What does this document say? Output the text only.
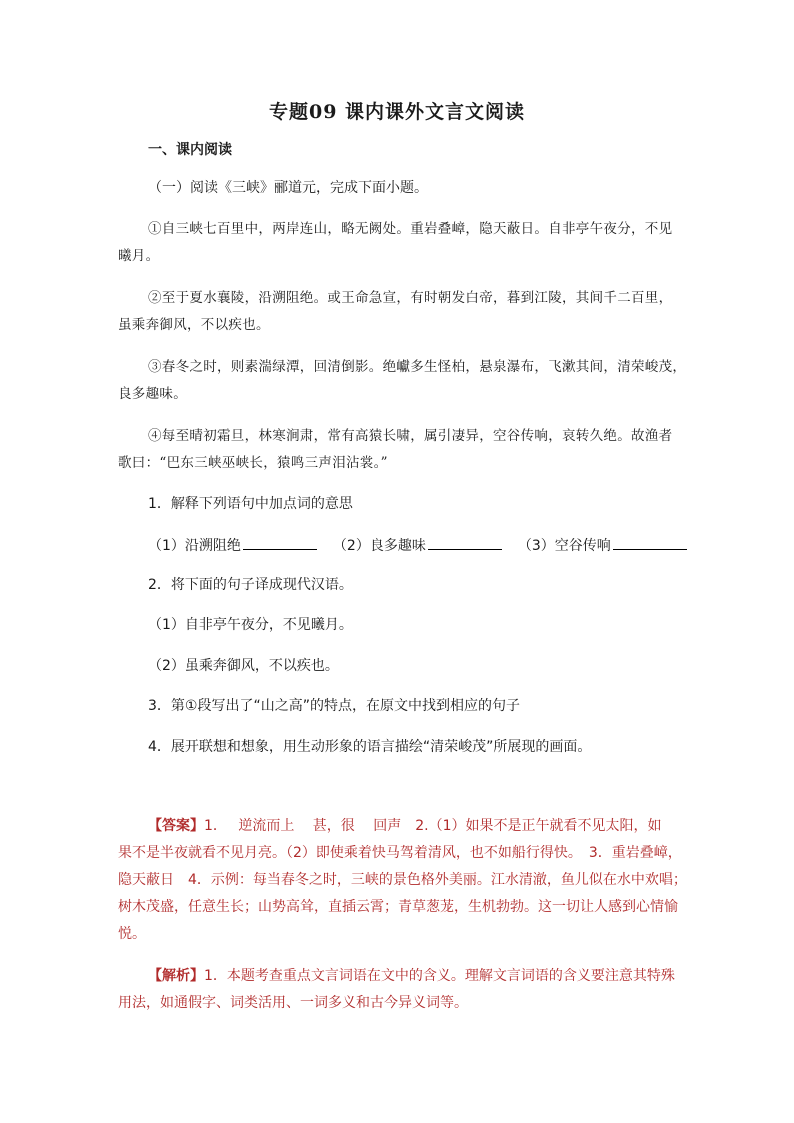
专题09 课内课外文言文阅读
一、课内阅读
（一）阅读《三峡》郦道元，完成下面小题。
①自三峡七百里中，两岸连山，略无阙处。重岩叠嶂，隐天蔽日。自非亭午夜分，不见
曦月。
②至于夏水襄陵，沿溯阻绝。或王命急宣，有时朝发白帝，暮到江陵，其间千二百里，
虽乘奔御风，不以疾也。
③春冬之时，则素湍绿潭，回清倒影。绝巘多生怪柏，悬泉瀑布，飞漱其间，清荣峻茂，
良多趣味。
④每至晴初霜旦，林寒涧肃，常有高猿长啸，属引凄异，空谷传响，哀转久绝。故渔者
歌曰：“巴东三峡巫峡长，猿鸣三声泪沾裳。”
1．解释下列语句中加点词的意思
（1）沿溯阻绝	（2）良多趣味	（3）空谷传响
2．将下面的句子译成现代汉语。
（1）自非亭午夜分，不见曦月。
（2）虽乘奔御风，不以疾也。
3．第①段写出了“山之高”的特点，在原文中找到相应的句子
4．展开联想和想象，用生动形象的语言描绘“清荣峻茂”所展现的画面。
【答案】1．　 逆流而上　 甚，很　 回声　2.（1）如果不是正午就看不见太阳，如
果不是半夜就看不见月亮。（2）即使乘着快马驾着清风，也不如船行得快。　3．重岩叠嶂，
隐天蔽日　4．示例：每当春冬之时，三峡的景色格外美丽。江水清澈，鱼儿似在水中欢唱；
树木茂盛，任意生长；山势高耸，直插云霄；青草葱茏，生机勃勃。这一切让人感到心情愉
悦。
【解析】1．本题考查重点文言词语在文中的含义。理解文言词语的含义要注意其特殊
用法，如通假字、词类活用、一词多义和古今异义词等。
